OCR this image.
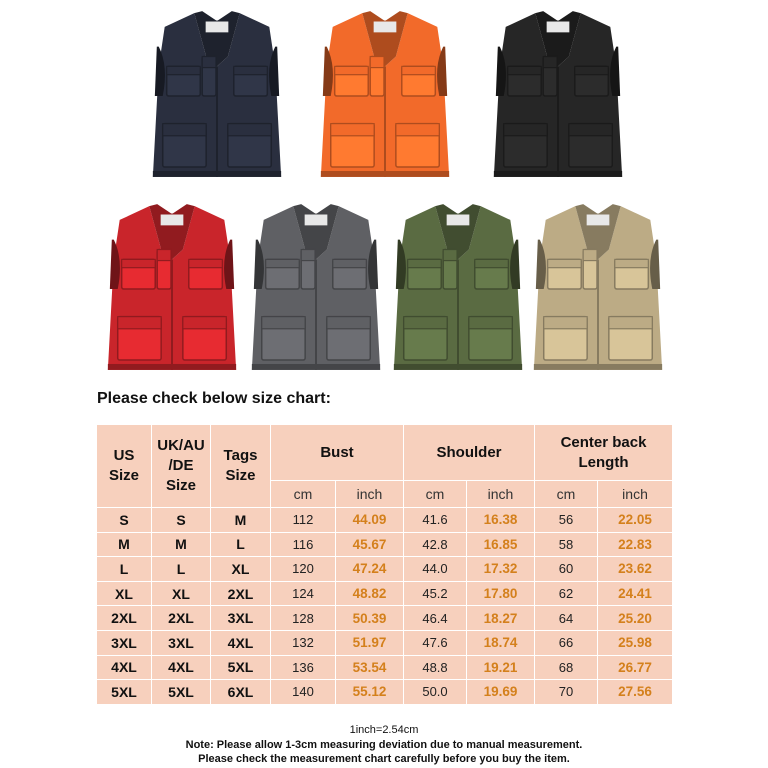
Please check below size chart:
US Size	UK/AU /DE Size	Tags Size	Bust		Shoulder		Center back Length	
			cm	inch	cm	inch	cm	inch
S	S	M	112	44.09	41.6	16.38	56	22.05
M	M	L	116	45.67	42.8	16.85	58	22.83
L	L	XL	120	47.24	44.0	17.32	60	23.62
XL	XL	2XL	124	48.82	45.2	17.80	62	24.41
2XL	2XL	3XL	128	50.39	46.4	18.27	64	25.20
3XL	3XL	4XL	132	51.97	47.6	18.74	66	25.98
4XL	4XL	5XL	136	53.54	48.8	19.21	68	26.77
5XL	5XL	6XL	140	55.12	50.0	19.69	70	27.56
1inch=2.54cm
Note: Please allow 1-3cm measuring deviation due to manual measurement.
Please check the measurement chart carefully before you buy the item.
